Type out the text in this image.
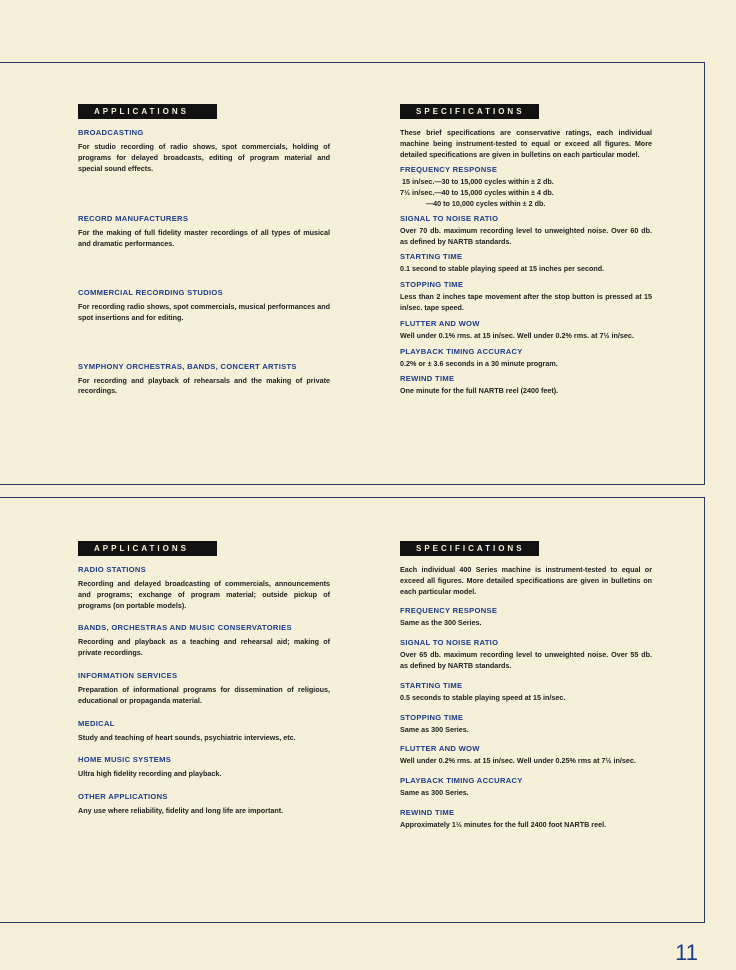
APPLICATIONS
BROADCASTING

For studio recording of radio shows, spot commercials, holding of programs for delayed broadcasts, editing of program material and special sound effects.

RECORD MANUFACTURERS

For the making of full fidelity master recordings of all types of musical and dramatic performances.

COMMERCIAL RECORDING STUDIOS

For recording radio shows, spot commercials, musical performances and spot insertions and for editing.

SYMPHONY ORCHESTRAS, BANDS, CONCERT ARTISTS

For recording and playback of rehearsals and the making of private recordings.

SPECIFICATIONS

These brief specifications are conservative ratings, each individual machine being instrument-tested to equal or exceed all figures. More detailed specifications are given in bulletins on each particular model.

FREQUENCY RESPONSE
15 in/sec.—30 to 15,000 cycles within ± 2 db.
7½ in/sec.—40 to 15,000 cycles within ± 4 db.
—40 to 10,000 cycles within ± 2 db.
SIGNAL TO NOISE RATIO

Over 70 db. maximum recording level to unweighted noise. Over 60 db. as defined by NARTB standards.

STARTING TIME

0.1 second to stable playing speed at 15 inches per second.

STOPPING TIME

Less than 2 inches tape movement after the stop button is pressed at 15 in/sec. tape speed.

FLUTTER AND WOW

Well under 0.1% rms. at 15 in/sec. Well under 0.2% rms. at 7½ in/sec.

PLAYBACK TIMING ACCURACY

0.2% or ± 3.6 seconds in a 30 minute program.

REWIND TIME

One minute for the full NARTB reel (2400 feet).

APPLICATIONS
RADIO STATIONS

Recording and delayed broadcasting of commercials, announcements and programs; exchange of program material; outside pickup of programs (on portable models).

BANDS, ORCHESTRAS AND MUSIC CONSERVATORIES

Recording and playback as a teaching and rehearsal aid; making of private recordings.

INFORMATION SERVICES

Preparation of informational programs for dissemination of religious, educational or propaganda material.

MEDICAL

Study and teaching of heart sounds, psychiatric interviews, etc.

HOME MUSIC SYSTEMS

Ultra high fidelity recording and playback.

OTHER APPLICATIONS

Any use where reliability, fidelity and long life are important.

SPECIFICATIONS

Each individual 400 Series machine is instrument-tested to equal or exceed all figures. More detailed specifications are given in bulletins on each particular model.

FREQUENCY RESPONSE

Same as the 300 Series.

SIGNAL TO NOISE RATIO

Over 65 db. maximum recording level to unweighted noise. Over 55 db. as defined by NARTB standards.

STARTING TIME

0.5 seconds to stable playing speed at 15 in/sec.

STOPPING TIME

Same as 300 Series.

FLUTTER AND WOW

Well under 0.2% rms. at 15 in/sec. Well under 0.25% rms at 7½ in/sec.

PLAYBACK TIMING ACCURACY

Same as 300 Series.

REWIND TIME

Approximately 1½ minutes for the full 2400 foot NARTB reel.

11
